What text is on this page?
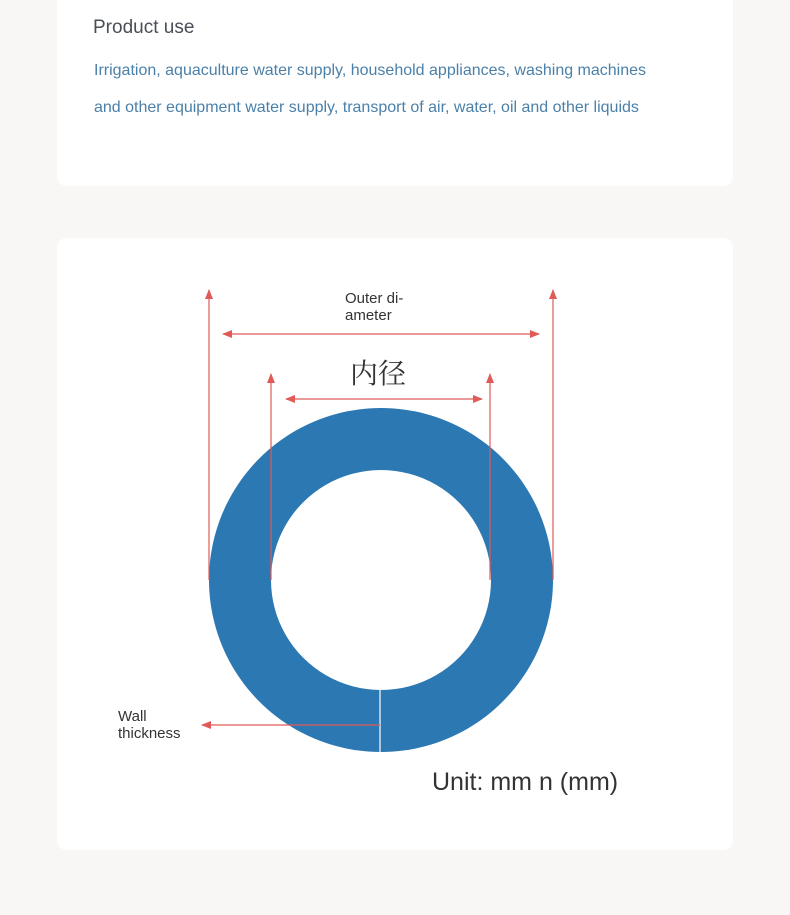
Product use
Irrigation, aquaculture water supply, household appliances, washing machines
and other equipment water supply, transport of air, water, oil and other liquids
Outer di-
ameter
内径
Wall
thickness
Unit: mm n (mm)
